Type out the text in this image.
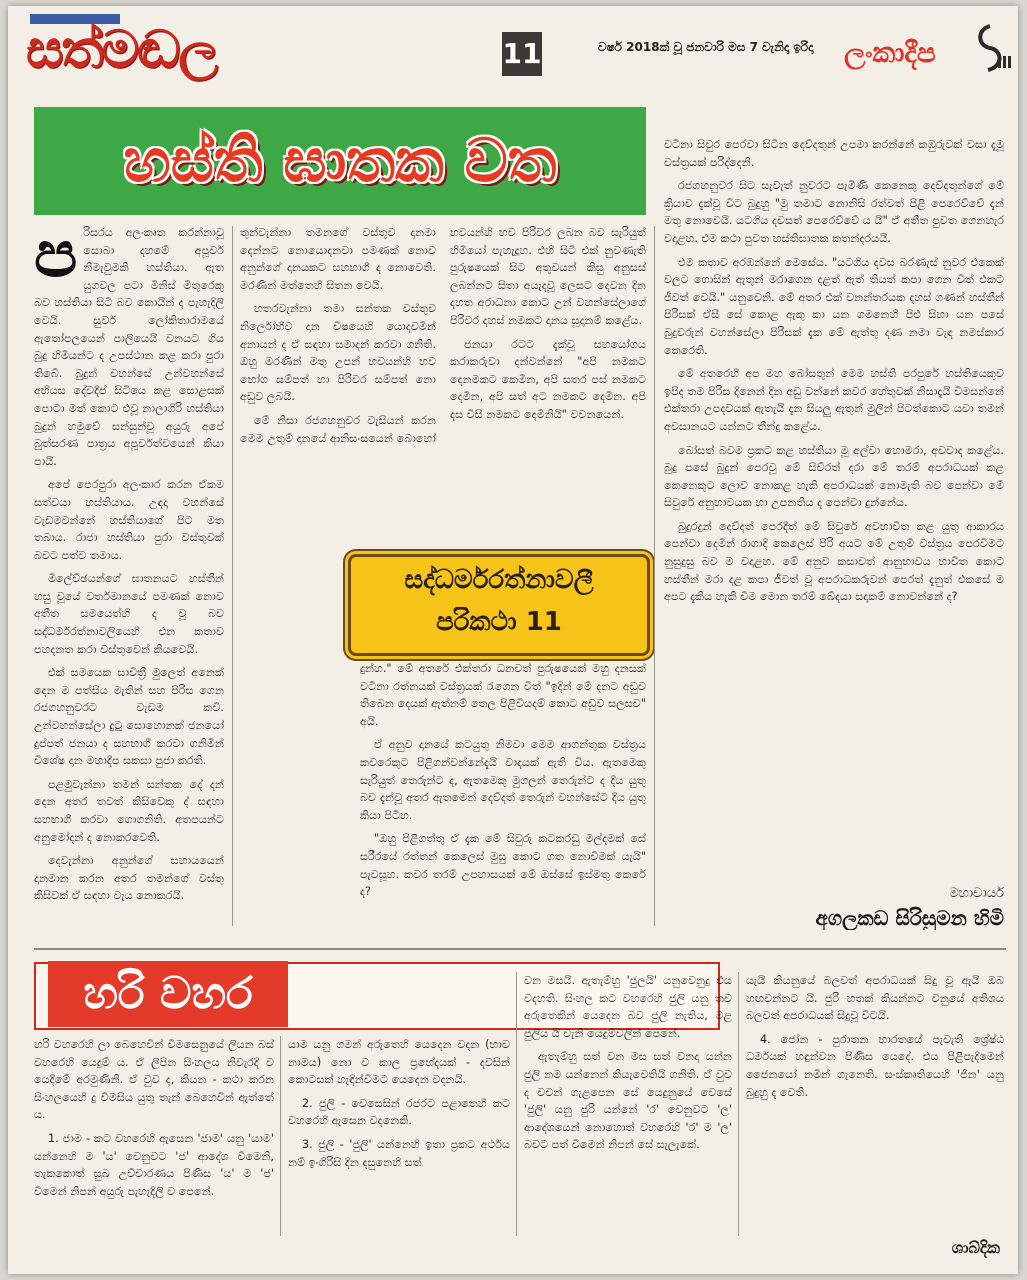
සත්මඬල	11	වර්ෂ 2018ක් වූ ජනවාරි මස 7 වැනිදා ඉරිදා	ලංකාදීප
හස්ති ඝාතක වත

පරිසරය අලංකෘත කරන්නාවූ සොබා දහමේ අපූර්ව නිමැවුමකි හස්තියා. ඇත යුගවල පටා මිනිස් මිතුරෙකු බව හස්තියා සිටි බව කොයින් ද පැහැදිලි වෙයි. සුවර් ලෝකිතාරාමයේ ඇතෝපලයෙන් පාලියෙයි වනයට ගිය බුදු හිමියන්ට ද උපස්ථාන කළ කරා පුරා තිබේ. බුදුන් වහන්සේ උන්වහන්සේ අභියස දේවදීප් සිටියෙ කළ සොළසක් පොටා මත් කොට එවූ නාලාගිරි හස්තියා බුදුන් හමුවේ සන්සුන්වූ අයුරු අපේ බුත්සරණ පාත්‍රය අපූර්වත්වයෙන් කියා පායි.

අපේ පෙරපුරා අලංකාර කරන ඒකම සත්වයා හස්තියාය. උඳදා වහන්සේ වැඩමවන්නේ හස්තියාගේ පිට මත තබාය. රාජා හස්තියා පුරා වස්තුවක් බවට පත්ව තමාය.

මිලේච්ඡයන්ගේ ඝාතනයට හස්තීන් හසු වූයේ වර්තමානයේ පමණක් නොව අතීත සමයෙත්හි ද වූ බව සද්ධර්මරත්නාවලියෙහි එන කතාව පහදනත කරා වස්තුවෙන් කියවෙයි.

එක් සමයෙක සාවිත්‍රී මුලෙත් අනෙක් දෙන ම පත්සිය මැතින් සහ පිරිස ගෙන රජගහනුවරට වැඩම කවි. උන්වහන්සේලා දුටු සොහොනක් ජනයෝ දුප්පත් ජනයා ද සහභාගී කරවා ගනිමින් විශේෂ දාන මහාදීප සකසා පුජා කරති.

පළමුවැන්නා තමන් සන්තක දේ දන් දෙන අතර තවත් කිසිවෙකු ද් සඳහා සහභාගී කරවා ගොගනිති. අතපයන්ට අනුමෝදන් ද නොකරවෙති.

දෙවැන්නා අනුන්ගේ සහායයෙන් දානමාන කරන අතර තමන්ගේ වස්තු කිසිවක් ඒ සඳහා වැය නොකරයි.

තුන්වැන්නා තමනගේ වස්තුව දානමා දෙන්නට නොයොදනවා පමණක් නොව අනුන්ගේ දානයකට සහභාගී ද නොවෙති. මරණින් මත්තෙහි සිතන වෙයි.

හතරවැන්නා තමා සන්තක වස්තුව නිර්ලෝභීව දාන විෂයෙහි යොදවමින් අනායන් ද ඒ සඳහා සමාදන් කරවා ගනිති. ඔහු මරණින් මතු උපන් භවයන්හි භව භෝග සම්පත් හා පිරිවර සම්පත් නො අඩුව ලබයි.

මේ නිසා රජගහනුවර වැසියන් කරන මෙම උතුම් දානයේ ආනිසංසයෙන් බොහෝ භවයන්හි භව පිරිවර ලබන බව සැරියුත් හිමියෝ පැහැදූහ. එහි සිටි එක් නුවණැති පුරුෂයෙක් සිට අතුවයන් කිසු අනුසස් ලබන්නට සිතා අයැදවූ ලෙසට දෙවන දින දහත අරාධනා කොට උන් වහන්සේලාගේ පිරිවර දහස් නමකට දානය සූදානම් කළේය.

ජනයා රටට දැක්වූ සහයෝගය කරාකරුවා දන්වන්නේ "අපි නමකට දෙනමකට කෙමින, අපි සතර පස් නමකට දෙමින, අපි සත් අට නමකට දෙමින. අපි දස විසි නමකට දෙමිනියි" වචනයෙන්.

සද්ධර්මරත්නාවලී
පරිකථා 11

දුන්හ." මේ අතරේ එක්තරා ධනවත් පුරුෂයෙක් මහු දනසක් වටිනා රත්නයක් වස්ත්‍රයක් රැගෙන විත් "ඉදින් මේ දනට අඩුව තිබෙන දෙයක් ඇත්නම් තෙල පිළිවියදම් කොට අඩුව සලසව" අයි.

ඒ අනුව දානයේ කටයුතු නිමවා මෙම ආගන්තුක වස්ත්‍රය කවරෙකුට පිළිගන්වන්නේදැයි වාදයක් ඇති විය. ඇතමෙකු සැරියුත් තෙරුන්ට ද, ඇතමෙකු මුගලන් තෙරුන්ට ද දිය යුතු බව දැන්වූ අතර ඇතමෙන් දෙව්දත් තෙරුන් වහන්සේට දිය යුතු කියා පිටිහ.

"ඔහු පිළිගත්තු ඒ දැක මේ සිවුරු කටකරඩු මල්දමක් සේ සරීරයේ රත්තන් කෙලෙස් මුසු කොට ගත නොවීමක් යැයි" පැවසූහ. කවර තරම් උපහාසයක් මේ ඔස්සේ ඉස්මතු කෙරේ ද?

වටිනා සිවුර පෙරවා සිටින දෙව්දතුන් උපමා කරන්නේ කඹුරුවක් වසා දැමූ වස්ත්‍රයක් පරිද්දෙනි.

රජගහනුවර සිට සැවැත් නුවරට පැමිණි කෙනෙකු දෙව්දතුන්ගේ මේ ක්‍රියාව දැක්වූ විට බුදුහු "මු තමාට නොනිසි රත්වත් පිළි පෙරෙව්වේ දැන් මතු නොවෙයි. යටගිය දවසත් පෙරෙව්වේ ය යි" ඒ අතීත පුවත ගෙනහැර වදාළහ. එම කථා පුවත හස්තිඝාතක කතන්දරයයි.

එම කතාව අරඹන්නේ මෙසේය. "යටගිය දවස බරණැස් නුවර එකෙක් වලට ගොසින් ඇතුන් මරාගෙන දළත් ඇත් තියත් කපා ගෙන විත් එකට ජීවත් වෙයි." යනුවෙනි. මේ අතර එක් වනන්තරයක දහස් ගණන් හස්තීන් පිරිසක් ඒසී සේ කොළ ඇකු කා යන ගමනෙහි පිළු සිහා යන පසේ බුදුවරුන් වහන්සේලා පිරිසක් දැක මේ ඇත්තු දණ නමා වැඳ නමස්කාර කෙරෙති.

මේ අතරෙහි අප මහ බෝසතුන් මෙම හස්ති පරපුරේ හස්තියෙකුව ඉපිද තම පිරිස දිනෙන් දින අඩු වන්නේ කවර හේතුවක් නිසාදැයි විමසන්නේ එක්තරා උපදවයක් ඇතැයි දැන සියලු ඇතුන් මුලින් පිටත්කොට යවා තමන් අවසානයට යන්නට තීන්දු කළේය.

බෝසත් බවම ප්‍රකට කළ හස්තියා මූ අල්වා හොමරා, අවවාද කළේය. බුදු පසේ බුදුන් පෙරවූ මේ සිව්රත් දරා මේ තරම් අපරාධයක් කළ කෙනෙකුට ලොව නොකළ හැකි අපරාධයක් නොමැති බව පෙන්වා මේ සිවුරේ අනුහාවයක හා උපනතිය ද පෙන්වා දුන්නේය.

බුදුරදුන් දෙව්දත් පෙරදීත් මේ සිවුරේ අවභාවිත කළ යුතු ආකාරය පෙන්වා දෙමින් රාගාදි කෙලෙස් පිරි අයට මේ උතුම් වස්ත්‍රය පෙරවීමට නුසුදුසු බව ම වදාළහ. මේ අනුව කසාවත් ආනුභාවය භාවිත කොට හස්තීන් මරා දළ කපා ජීවත් වූ අපරාධකරුවන් පෙරත් දැනුත් එකසේ ම අපට දැකිය හැකි වීම මොන තරම් ඛේදයා සදෘකම් නොවන්නේ ද?

මහාචාර්ය
අගලකඩ සිරිසුමන හිමි
හරි වහර

හරි වහරෙහි ලා බෙහෙවින් විමසෙනුයේ ලියන බස් වහරෙහි යෙදුම් ය. ඒ ලිපින සිංහලය නිවැරදි ව යෙදීමේ අරමුණිනි. ඒ වුව ද, කියන - කථා කරන සිංහලයෙහි දු විමසිය යුතු තැන් බෙහෙවින් ඇත්තේ ය.

1. ජාම - කට වහරෙහි ඇසෙන 'ජාම' යනු 'යාම' යන්නෙහි ම 'ය' වෙනුවට 'ජ' ආදේශ වීමෙනි, තැකකොත් සුඛ උච්චාරණය පිණිස 'ය' ම 'ජ' වීමෙන් නිපන් අයුරු පැහැදිලි ව පෙනේ.

යාම යනු ගමන් අරුතෙහි යෙදෙන වදන (භාව නාමය) නො ව කාල ප්‍රභේදයක් - දවසින් කොටසක් හැඳින්වීමට යෙදෙන වදනයි.

2. ජුලි - වෙසෙසින් රජරට පළාතෙහි කට වහරෙහි ඇසෙන වදනෙකි.

3. ජුලි - 'ජුලි' යන්නෙහි ඉතා ප්‍රකට අර්ථය නම් ඉංගිරිසි දින දසුනෙහි සත්

වන මසයි. ඇතැම්හු 'ජුලයි' යනුවෙනුදු එය වදහති. සිංහල කට වහරෙහි ජුලි යනු තව අරුතෙකින් යෙදෙන බව ජුලි නැතිය, මළ ජුලිය යි වැනි යෙදුම්වලින් පෙනේ.

ඇතැම්හු සත් වන මස සත් වනදා යන්න ජුලි නම යන්නෙන් කියැවෙතියි ගනිති. ඒ වුව ද වචන් ගැළපෙන සේ යෙදුනුයේ වෙසේ 'ජුලි' යනු ජුරි යන්නේ 'ර' වෙනුවට 'ල' ආදේශයෙන් නොහොත් වහරෙහි 'ර' ම 'ල' බවට පත් වීමෙන් නිපන් සේ සැලැකේ.

යැයි කියනුයේ බලවත් අපරාධයක් සිදු වූ ඇයි ඔබ හඟවන්නට යි. ජුරි හතක් කියන්නට වනුයේ අතිශය බලවත් අපරාධයක් සිදුවූ විටයි.

4. ජෝන - පුරාතන භාරතයේ පැවැති ශ්‍රේෂ්ඨ ධර්මයක් හඳුන්වන පිණිස යෙදේ. එය පිළිපැදිමෙන් ජෛනයෝ නමින් ගැනෙති. සංස්කෘතියෙහි 'ජින' යනු බුදුහු ද වෙති.

ශාබ්දික
